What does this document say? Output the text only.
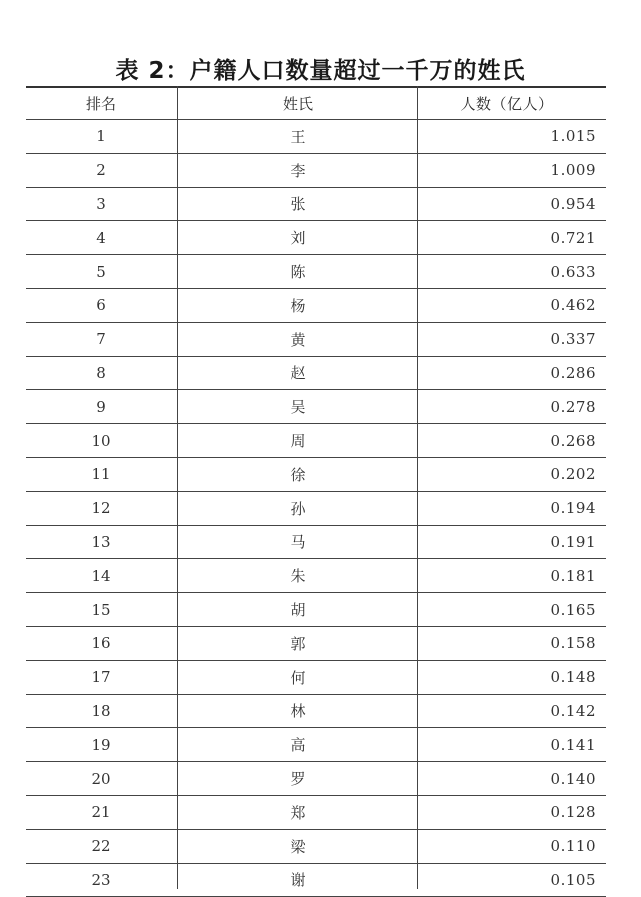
表 2：户籍人口数量超过一千万的姓氏
排名	姓氏	人数（亿人）
1	王	1.015
2	李	1.009
3	张	0.954
4	刘	0.721
5	陈	0.633
6	杨	0.462
7	黄	0.337
8	赵	0.286
9	吴	0.278
10	周	0.268
11	徐	0.202
12	孙	0.194
13	马	0.191
14	朱	0.181
15	胡	0.165
16	郭	0.158
17	何	0.148
18	林	0.142
19	高	0.141
20	罗	0.140
21	郑	0.128
22	梁	0.110
23	谢	0.105
